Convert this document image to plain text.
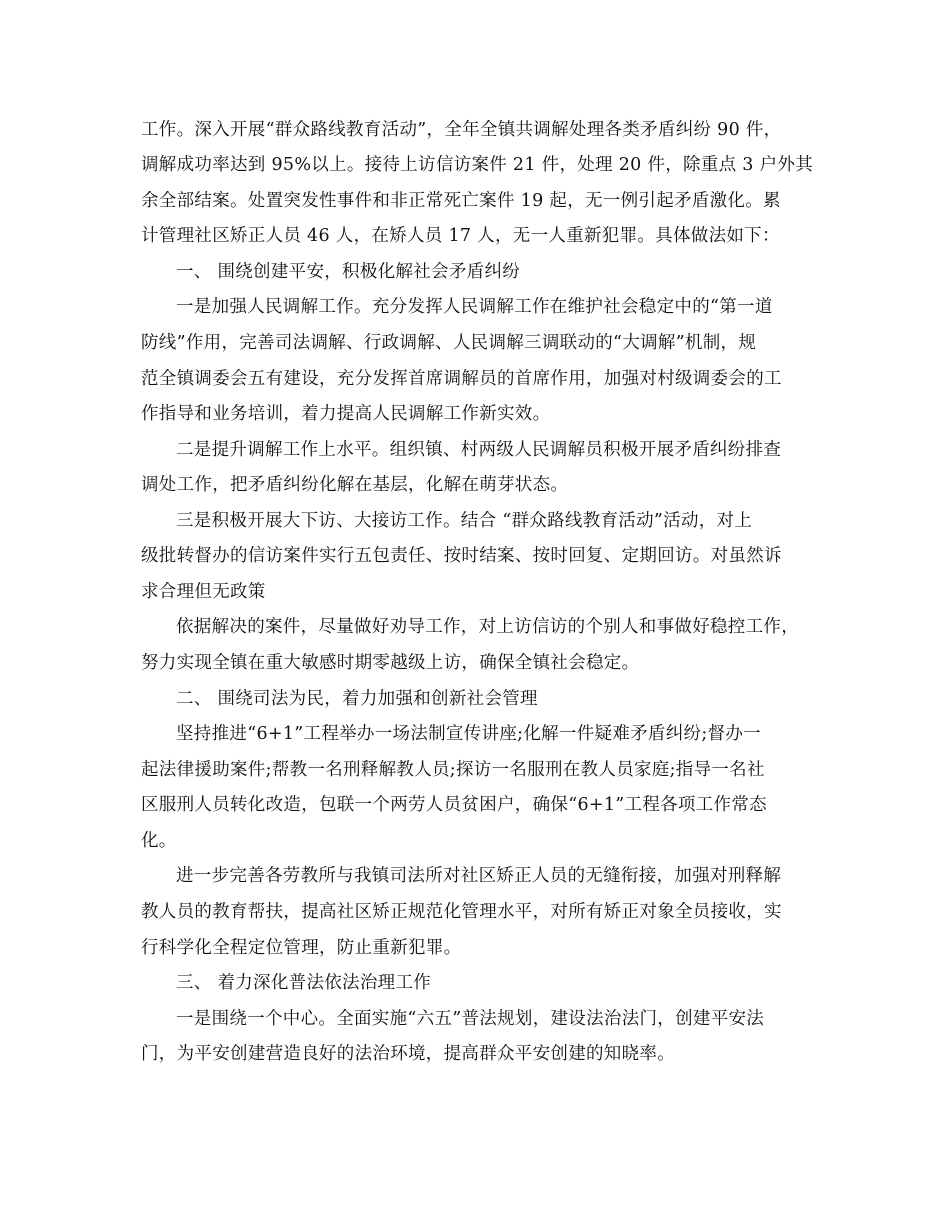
工作。深入开展“群众路线教育活动”，全年全镇共调解处理各类矛盾纠纷 90 件，

调解成功率达到 95%以上。接待上访信访案件 21 件，处理 20 件，除重点 3 户外其

余全部结案。处置突发性事件和非正常死亡案件 19 起，无一例引起矛盾激化。累

计管理社区矫正人员 46 人，在矫人员 17 人，无一人重新犯罪。具体做法如下：

一、 围绕创建平安，积极化解社会矛盾纠纷

一是加强人民调解工作。充分发挥人民调解工作在维护社会稳定中的“第一道

防线”作用，完善司法调解、行政调解、人民调解三调联动的“大调解”机制，规

范全镇调委会五有建设，充分发挥首席调解员的首席作用，加强对村级调委会的工

作指导和业务培训，着力提高人民调解工作新实效。

二是提升调解工作上水平。组织镇、村两级人民调解员积极开展矛盾纠纷排查

调处工作，把矛盾纠纷化解在基层，化解在萌芽状态。

三是积极开展大下访、大接访工作。结合 “群众路线教育活动”活动，对上

级批转督办的信访案件实行五包责任、按时结案、按时回复、定期回访。对虽然诉

求合理但无政策

依据解决的案件，尽量做好劝导工作，对上访信访的个别人和事做好稳控工作，

努力实现全镇在重大敏感时期零越级上访，确保全镇社会稳定。

二、 围绕司法为民，着力加强和创新社会管理

坚持推进“6+1”工程举办一场法制宣传讲座;化解一件疑难矛盾纠纷;督办一

起法律援助案件;帮教一名刑释解教人员;探访一名服刑在教人员家庭;指导一名社

区服刑人员转化改造，包联一个两劳人员贫困户，确保“6+1”工程各项工作常态

化。

进一步完善各劳教所与我镇司法所对社区矫正人员的无缝衔接，加强对刑释解

教人员的教育帮扶，提高社区矫正规范化管理水平，对所有矫正对象全员接收，实

行科学化全程定位管理，防止重新犯罪。

三、 着力深化普法依法治理工作

一是围绕一个中心。全面实施“六五”普法规划，建设法治法门，创建平安法

门，为平安创建营造良好的法治环境，提高群众平安创建的知晓率。
